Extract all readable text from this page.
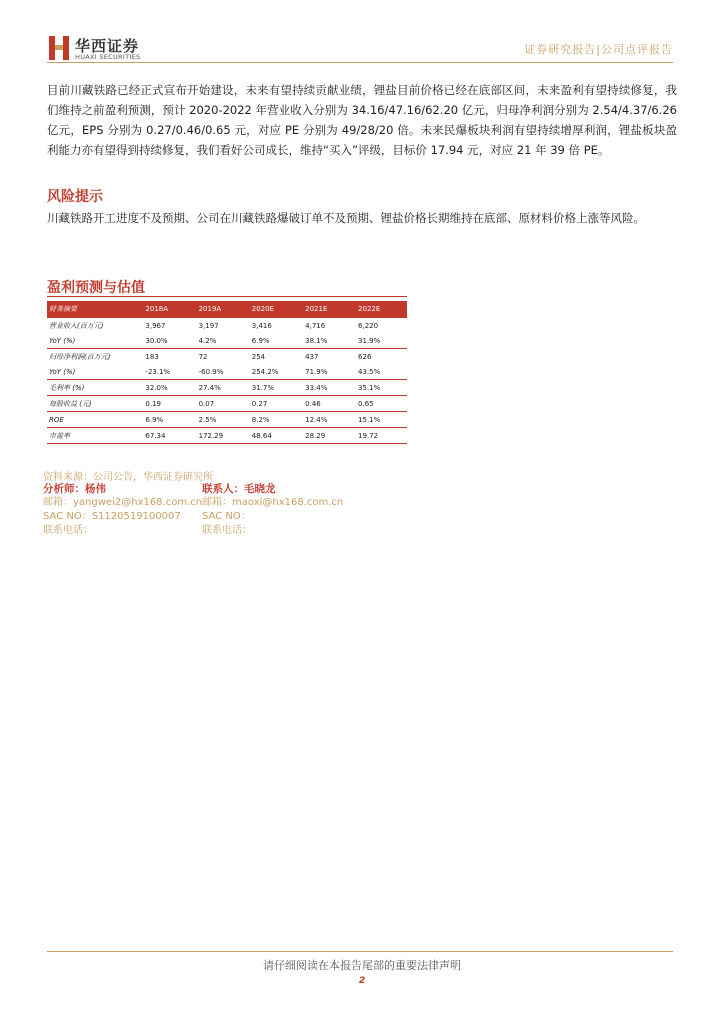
华西证券
HUAXI SECURITIES
证券研究报告|公司点评报告
目前川藏铁路已经正式宣布开始建设，未来有望持续贡献业绩，锂盐目前价格已经在底部区间，未来盈利有望持续修复，我们维持之前盈利预测，预计 2020-2022 年营业收入分别为 34.16/47.16/62.20 亿元，归母净利润分别为 2.54/4.37/6.26 亿元，EPS 分别为 0.27/0.46/0.65 元，对应 PE 分别为 49/28/20 倍。未来民爆板块利润有望持续增厚利润，锂盐板块盈利能力亦有望得到持续修复，我们看好公司成长，维持“买入”评级，目标价 17.94 元，对应 21 年 39 倍 PE。
风险提示
川藏铁路开工进度不及预期、公司在川藏铁路爆破订单不及预期、锂盐价格长期维持在底部、原材料价格上涨等风险。
盈利预测与估值
财务摘要	2018A	2019A	2020E	2021E	2022E
营业收入(百万元)	3,967	3,197	3,416	4,716	6,220
YoY (%)	30.0%	4.2%	6.9%	38.1%	31.9%
归母净利润(百万元)	183	72	254	437	626
YoY (%)	-23.1%	-60.9%	254.2%	71.9%	43.5%
毛利率 (%)	32.0%	27.4%	31.7%	33.4%	35.1%
每股收益 (元)	0.19	0.07	0.27	0.46	0.65
ROE	6.9%	2.5%	8.2%	12.4%	15.1%
市盈率	67.34	172.29	48.64	28.29	19.72
资料来源：公司公告，华西证券研究所
分析师：杨伟
邮箱：yangwei2@hx168.com.cn
SAC NO：S1120519100007
联系电话：
联系人：毛晓龙
邮箱：maoxl@hx168.com.cn
SAC NO：
联系电话：
请仔细阅读在本报告尾部的重要法律声明
2
